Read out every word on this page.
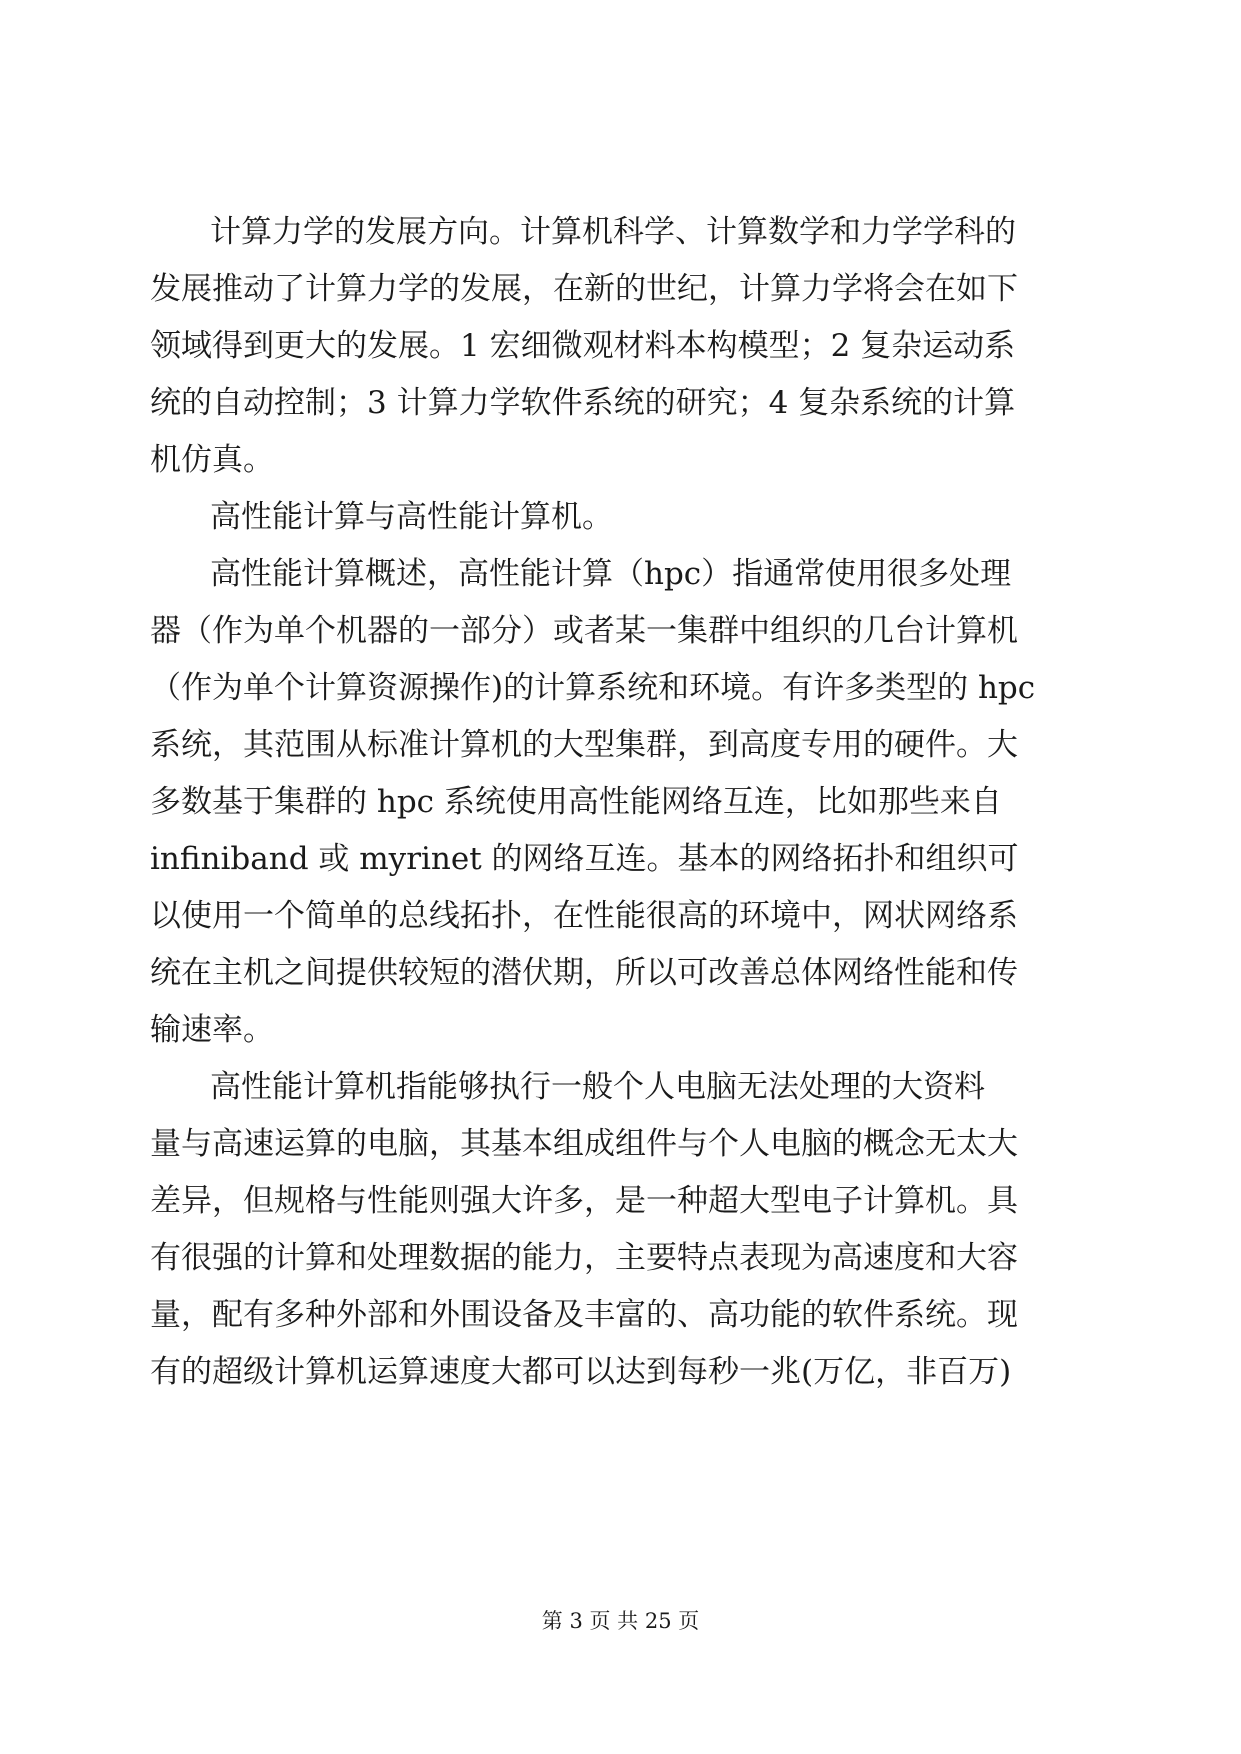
计算力学的发展方向。计算机科学、计算数学和力学学科的
发展推动了计算力学的发展，在新的世纪，计算力学将会在如下
领域得到更大的发展。1 宏细微观材料本构模型；2 复杂运动系
统的自动控制；3 计算力学软件系统的研究；4 复杂系统的计算
机仿真。
高性能计算与高性能计算机。
高性能计算概述，高性能计算（hpc）指通常使用很多处理
器（作为单个机器的一部分）或者某一集群中组织的几台计算机
（作为单个计算资源操作)的计算系统和环境。有许多类型的 hpc
系统，其范围从标准计算机的大型集群，到高度专用的硬件。大
多数基于集群的 hpc 系统使用高性能网络互连，比如那些来自
infiniband 或 myrinet 的网络互连。基本的网络拓扑和组织可
以使用一个简单的总线拓扑，在性能很高的环境中，网状网络系
统在主机之间提供较短的潜伏期，所以可改善总体网络性能和传
输速率。
高性能计算机指能够执行一般个人电脑无法处理的大资料
量与高速运算的电脑，其基本组成组件与个人电脑的概念无太大
差异，但规格与性能则强大许多，是一种超大型电子计算机。具
有很强的计算和处理数据的能力，主要特点表现为高速度和大容
量，配有多种外部和外围设备及丰富的、高功能的软件系统。现
有的超级计算机运算速度大都可以达到每秒一兆(万亿，非百万)
第 3 页 共 25 页
